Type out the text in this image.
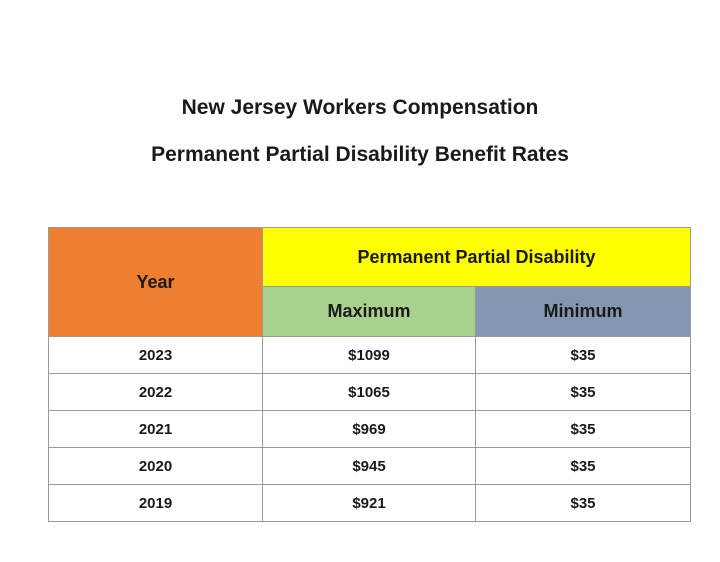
New Jersey Workers Compensation
Permanent Partial Disability Benefit Rates
Year	Permanent Partial Disability	
	Maximum	Minimum
2023	$1099	$35
2022	$1065	$35
2021	$969	$35
2020	$945	$35
2019	$921	$35
